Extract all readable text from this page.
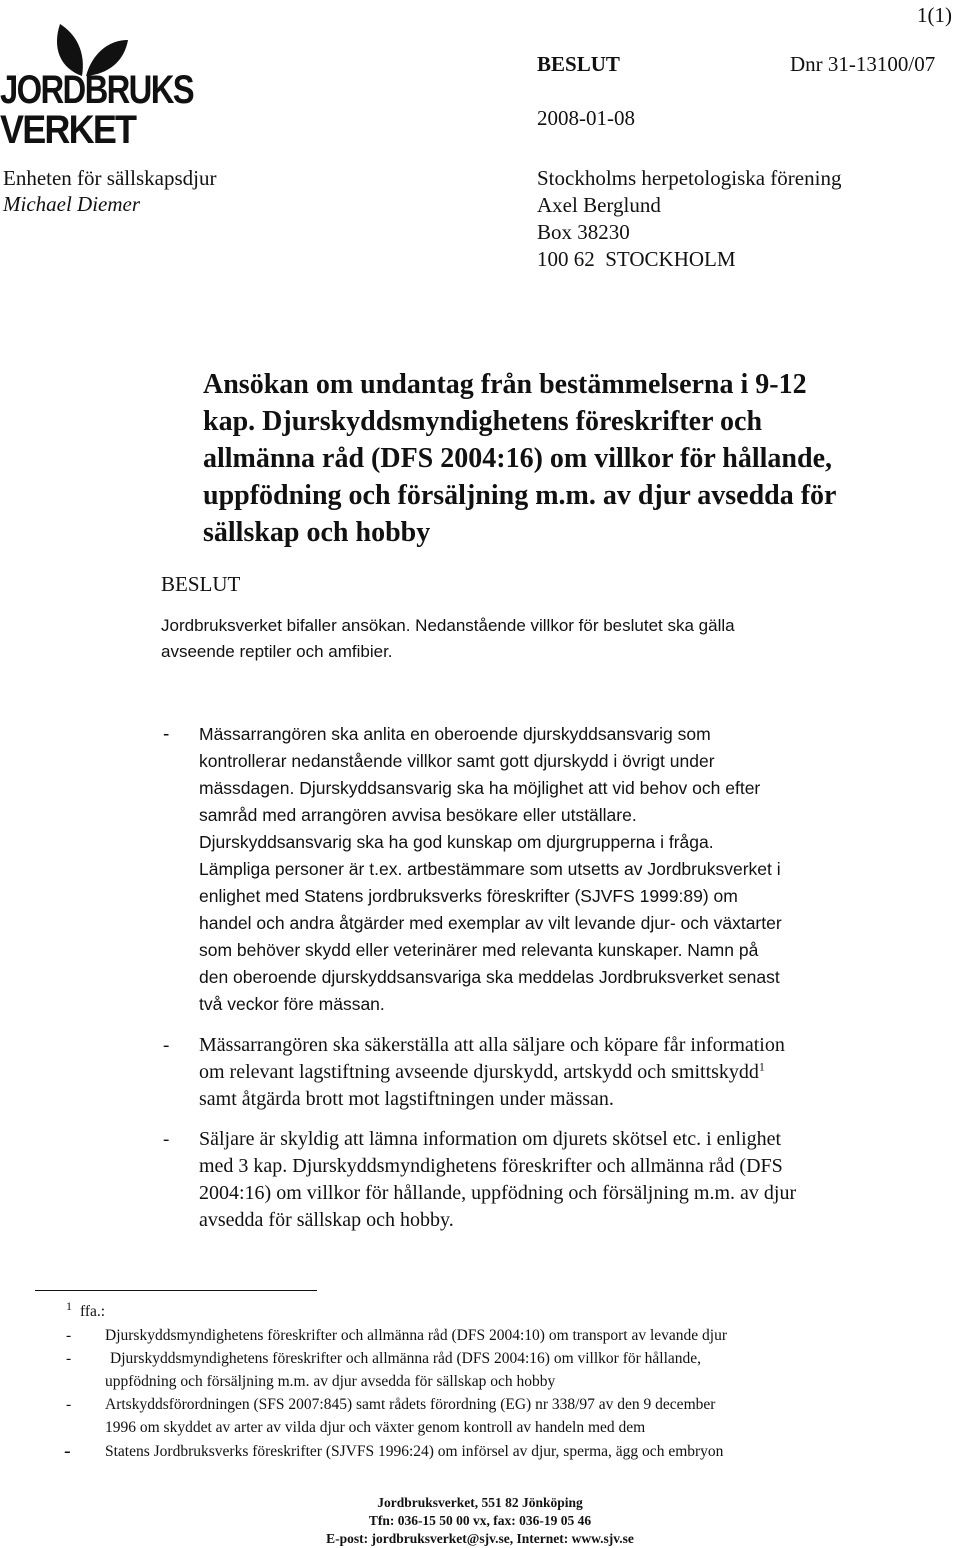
JORDBRUKS
VERKET
1(1)
BESLUT	Dnr 31-13100/07
2008-01-08
Enheten för sällskapsdjur
Michael Diemer
Stockholms herpetologiska förening
Axel Berglund
Box 38230
100 62  STOCKHOLM
Ansökan om undantag från bestämmelserna i 9-12
kap. Djurskyddsmyndighetens föreskrifter och
allmänna råd (DFS 2004:16) om villkor för hållande,
uppfödning och försäljning m.m. av djur avsedda för
sällskap och hobby
BESLUT
Jordbruksverket bifaller ansökan. Nedanstående villkor för beslutet ska gälla
avseende reptiler och amfibier.
- Mässarrangören ska anlita en oberoende djurskyddsansvarig som
kontrollerar nedanstående villkor samt gott djurskydd i övrigt under
mässdagen. Djurskyddsansvarig ska ha möjlighet att vid behov och efter
samråd med arrangören avvisa besökare eller utställare.
Djurskyddsansvarig ska ha god kunskap om djurgrupperna i fråga.
Lämpliga personer är t.ex. artbestämmare som utsetts av Jordbruksverket i
enlighet med Statens jordbruksverks föreskrifter (SJVFS 1999:89) om
handel och andra åtgärder med exemplar av vilt levande djur- och växtarter
som behöver skydd eller veterinärer med relevanta kunskaper. Namn på
den oberoende djurskyddsansvariga ska meddelas Jordbruksverket senast
två veckor före mässan.
- Mässarrangören ska säkerställa att alla säljare och köpare får information
om relevant lagstiftning avseende djurskydd, artskydd och smittskydd$^1$
samt åtgärda brott mot lagstiftningen under mässan.
- Säljare är skyldig att lämna information om djurets skötsel etc. i enlighet
med 3 kap. Djurskyddsmyndighetens föreskrifter och allmänna råd (DFS
2004:16) om villkor för hållande, uppfödning och försäljning m.m. av djur
avsedda för sällskap och hobby.
1 ffa.:
- Djurskyddsmyndighetens föreskrifter och allmänna råd (DFS 2004:10) om transport av levande djur
-	Djurskyddsmyndighetens föreskrifter och allmänna råd (DFS 2004:16) om villkor för hållande,
uppfödning och försäljning m.m. av djur avsedda för sällskap och hobby
- Artskyddsförordningen (SFS 2007:845) samt rådets förordning (EG) nr 338/97 av den 9 december
1996 om skyddet av arter av vilda djur och växter genom kontroll av handeln med dem
- Statens Jordbruksverks föreskrifter (SJVFS 1996:24) om införsel av djur, sperma, ägg och embryon
Jordbruksverket, 551 82 Jönköping
Tfn: 036-15 50 00 vx, fax: 036-19 05 46
E-post: jordbruksverket@sjv.se, Internet: www.sjv.se
